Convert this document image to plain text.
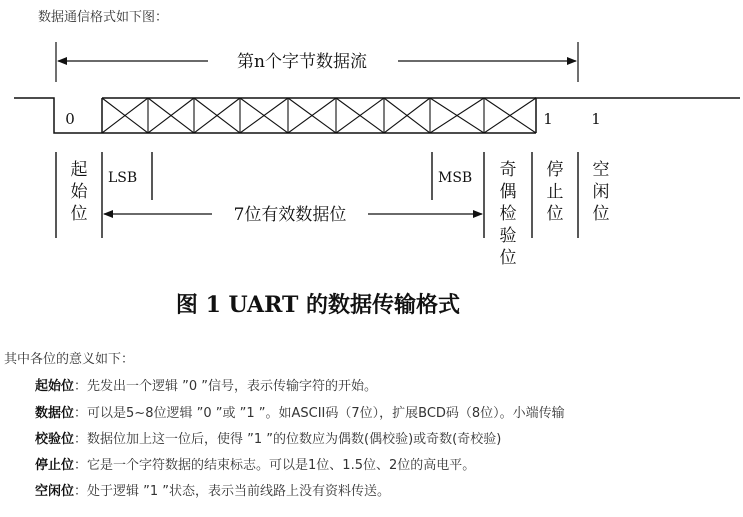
数据通信格式如下图：
第n个字节数据流
0	1	1
起始位
LSB	MSB 奇偶检验位
停止位
空闲位
7位有效数据位
图 1 UART 的数据传输格式
其中各位的意义如下：
起始位：先发出一个逻辑 ”0 ”信号，表示传输字符的开始。
数据位：可以是5~8位逻辑 ”0 ”或 ”1 ”。如ASCII码（7位），扩展BCD码（8位）。小端传输
校验位：数据位加上这一位后，使得 ”1 ”的位数应为偶数(偶校验)或奇数(奇校验)
停止位：它是一个字符数据的结束标志。可以是1位、1.5位、2位的高电平。
空闲位：处于逻辑 ”1 ”状态，表示当前线路上没有资料传送。
